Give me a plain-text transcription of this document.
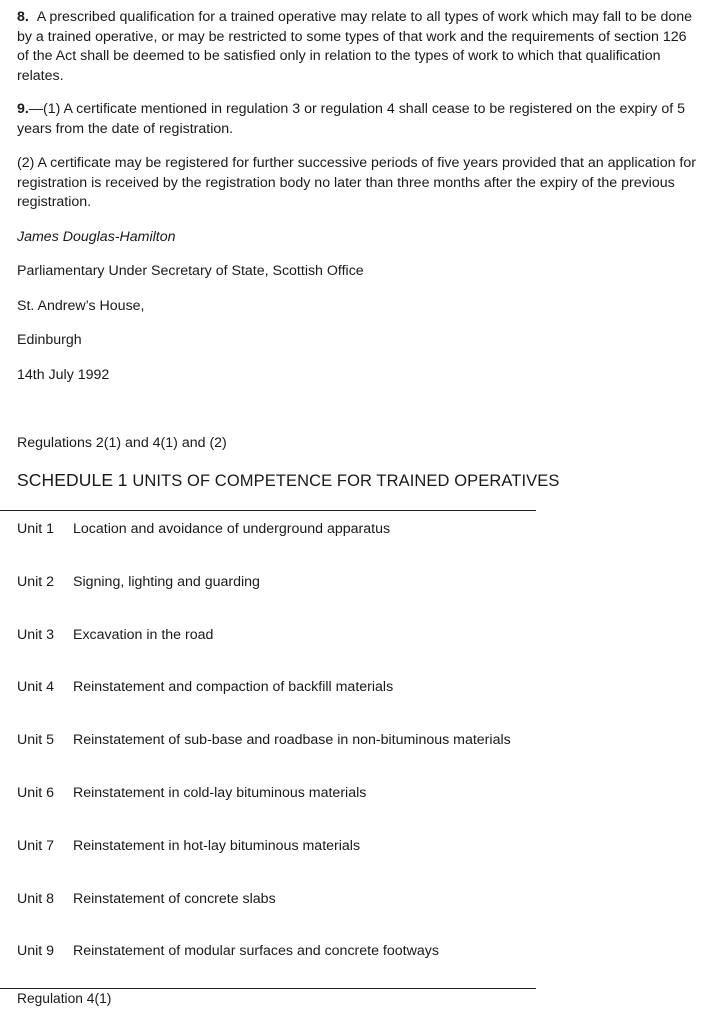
8. A prescribed qualification for a trained operative may relate to all types of work which may fall to be done by a trained operative, or may be restricted to some types of that work and the requirements of section 126 of the Act shall be deemed to be satisfied only in relation to the types of work to which that qualification relates.

9.—(1) A certificate mentioned in regulation 3 or regulation 4 shall cease to be registered on the expiry of 5 years from the date of registration.

(2) A certificate may be registered for further successive periods of five years provided that an application for registration is received by the registration body no later than three months after the expiry of the previous registration.

James Douglas-Hamilton
Parliamentary Under Secretary of State, Scottish Office
St. Andrew’s House,
Edinburgh
14th July 1992
Regulations 2(1) and 4(1) and (2)
SCHEDULE 1 UNITS OF COMPETENCE FOR TRAINED OPERATIVES
Unit 1 Location and avoidance of underground apparatus
Unit 2 Signing, lighting and guarding
Unit 3 Excavation in the road
Unit 4 Reinstatement and compaction of backfill materials
Unit 5 Reinstatement of sub-base and roadbase in non-bituminous materials
Unit 6 Reinstatement in cold-lay bituminous materials
Unit 7 Reinstatement in hot-lay bituminous materials
Unit 8 Reinstatement of concrete slabs
Unit 9 Reinstatement of modular surfaces and concrete footways
Regulation 4(1)
